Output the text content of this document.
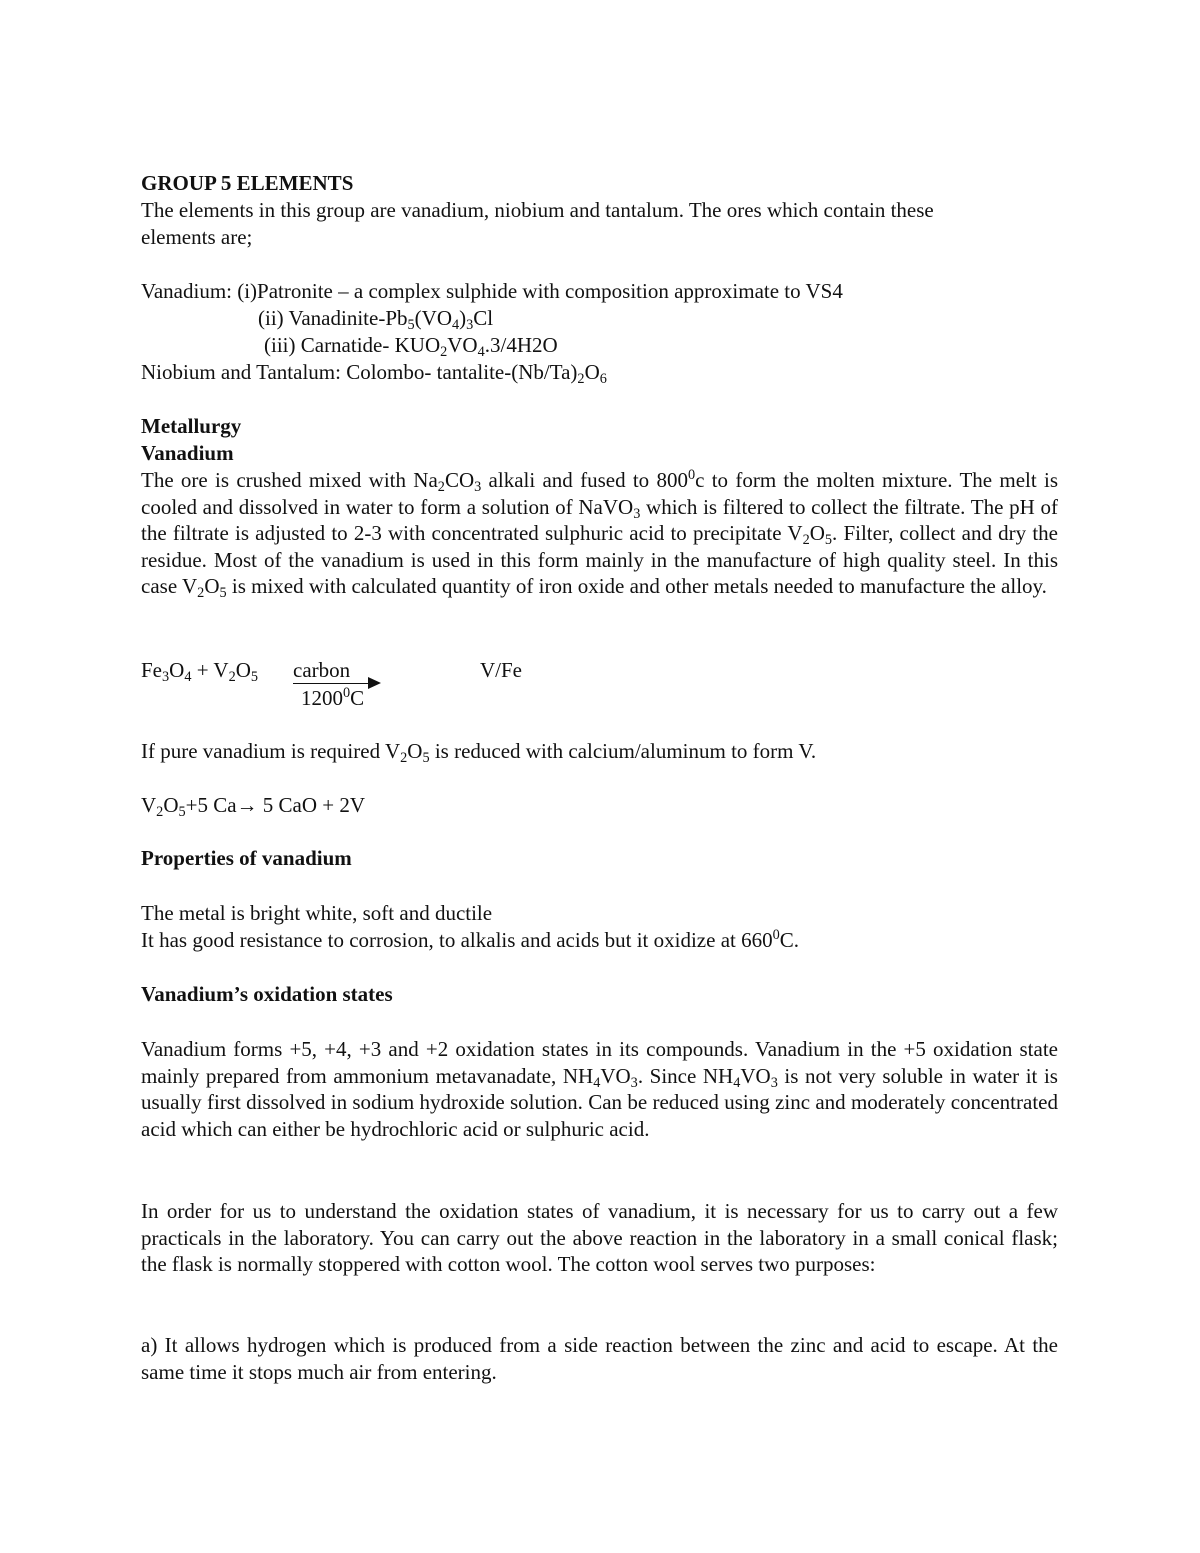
GROUP 5 ELEMENTS
The elements in this group are vanadium, niobium and tantalum. The ores which contain these
elements are;
Vanadium: (i)Patronite – a complex sulphide with composition approximate to VS4
(ii) Vanadinite-$Pb_5(VO_4)_3Cl$
(iii) Carnatide- $KUO_2VO_4.3/4H2O$
Niobium and Tantalum: Colombo- tantalite-$(Nb/Ta)_2O_6$
Metallurgy
Vanadium

The ore is crushed mixed with $Na_2CO_3$ alkali and fused to $800^0c$ to form the molten mixture. The melt is cooled and dissolved in water to form a solution of NaVO$_3$ which is filtered to collect the filtrate. The pH of the filtrate is adjusted to 2-3 with concentrated sulphuric acid to precipitate $V_2O_5$. Filter, collect and dry the residue. Most of the vanadium is used in this form mainly in the manufacture of high quality steel. In this case $V_2O_5$ is mixed with calculated quantity of iron oxide and other metals needed to manufacture the alloy.

$Fe_3O_4 + V_2O_5$ carbon	V/Fe
1200$^0$C
If pure vanadium is required $V_2O_5$ is reduced with calcium/aluminum to form V.
$V_2O_5+5$ Ca→ 5 CaO + 2V
Properties of vanadium
The metal is bright white, soft and ductile
It has good resistance to corrosion, to alkalis and acids but it oxidize at $660^0C$.
Vanadium’s oxidation states

Vanadium forms +5, +4, +3 and +2 oxidation states in its compounds. Vanadium in the +5 oxidation state mainly prepared from ammonium metavanadate, $NH_4VO_3$. Since $NH_4VO_3$ is not very soluble in water it is usually first dissolved in sodium hydroxide solution. Can be reduced using zinc and moderately concentrated acid which can either be hydrochloric acid or sulphuric acid.

In order for us to understand the oxidation states of vanadium, it is necessary for us to carry out a few practicals in the laboratory. You can carry out the above reaction in the laboratory in a small conical flask; the flask is normally stoppered with cotton wool. The cotton wool serves two purposes:

a) It allows hydrogen which is produced from a side reaction between the zinc and acid to escape. At the same time it stops much air from entering.
